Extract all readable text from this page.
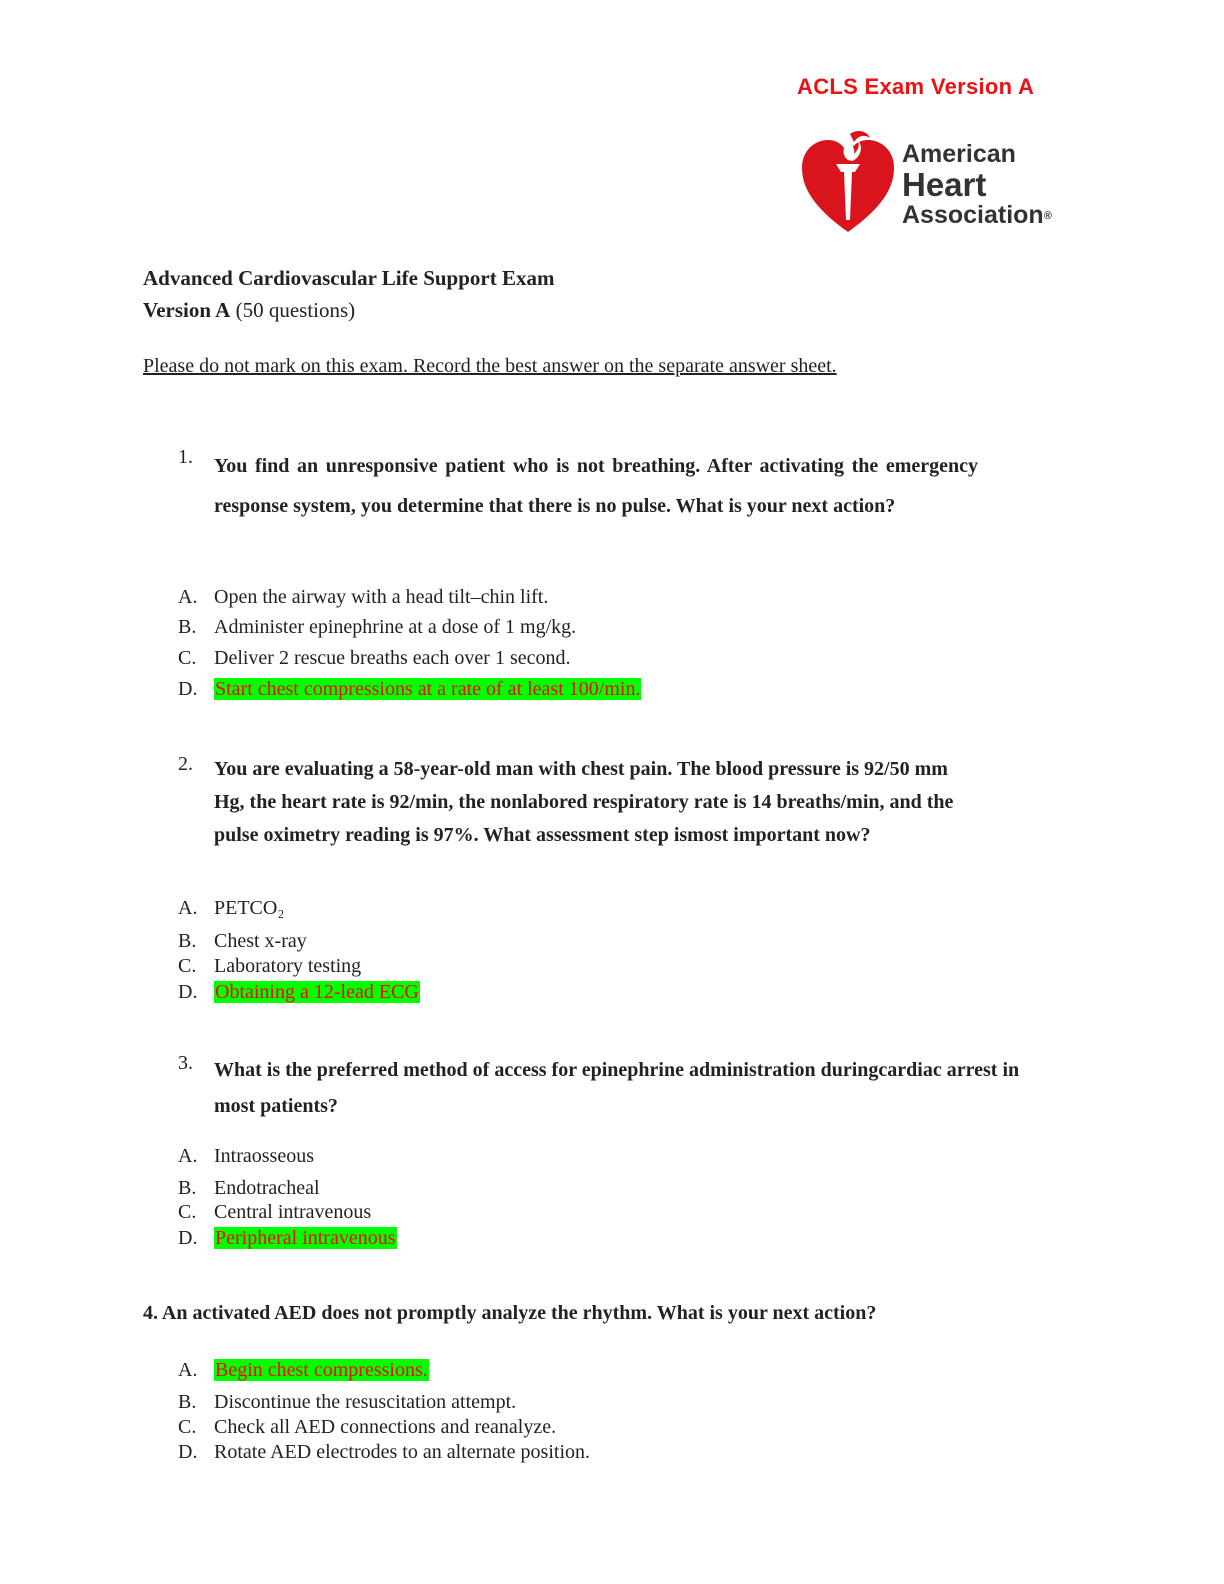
ACLS Exam Version A
American
Heart
Association®
Advanced Cardiovascular Life Support Exam
Version A (50 questions)
Please do not mark on this exam. Record the best answer on the separate answer sheet.
1. You find an unresponsive patient who is not breathing. After activating the emergency response system, you determine that there is no pulse. What is your next action?
A. Open the airway with a head tilt–chin lift.
B. Administer epinephrine at a dose of 1 mg/kg.
C. Deliver 2 rescue breaths each over 1 second.
D. Start chest compressions at a rate of at least 100/min.
2. You are evaluating a 58-year-old man with chest pain. The blood pressure is 92/50 mm Hg, the heart rate is 92/min, the nonlabored respiratory rate is 14 breaths/min, and the pulse oximetry reading is 97%. What assessment step ismost important now?
A. PETCO₂
B. Chest x-ray
C. Laboratory testing
D. Obtaining a 12-lead ECG
3. What is the preferred method of access for epinephrine administration duringcardiac arrest in most patients?
A. Intraosseous
B. Endotracheal
C. Central intravenous
D. Peripheral intravenous
4. An activated AED does not promptly analyze the rhythm. What is your next action?
A. Begin chest compressions.
B. Discontinue the resuscitation attempt.
C. Check all AED connections and reanalyze.
D. Rotate AED electrodes to an alternate position.
